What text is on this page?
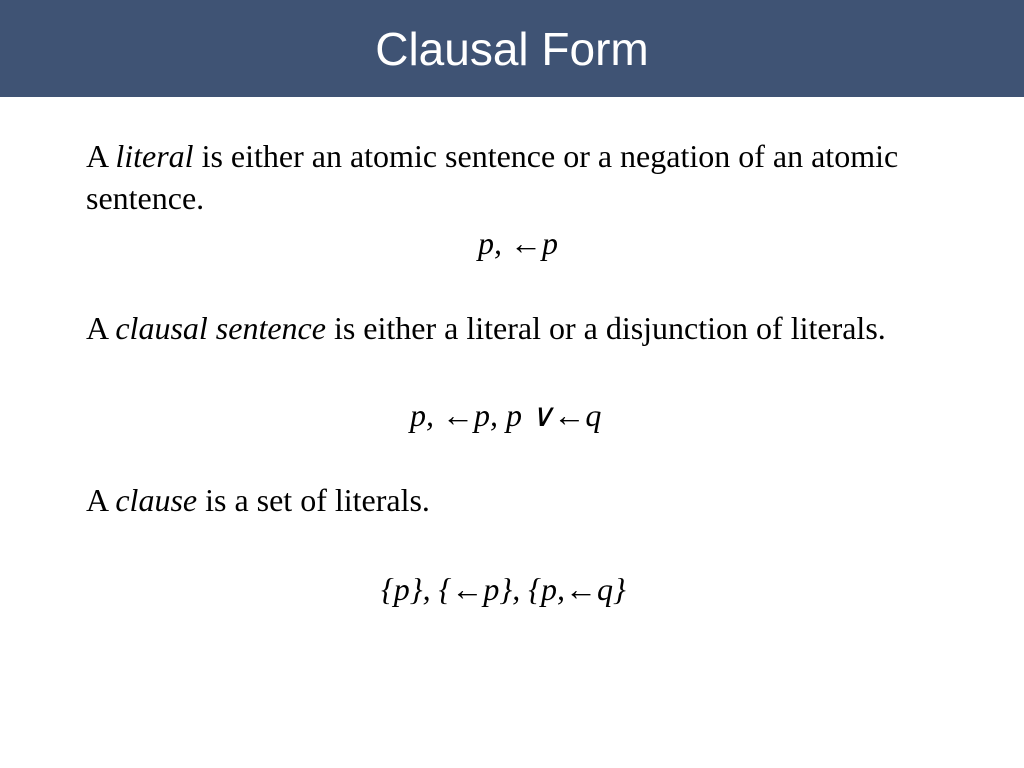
Clausal Form
A literal is either an atomic sentence or a negation of an atomic sentence.
p, ←p
A clausal sentence is either a literal or a disjunction of literals.
p, ←p, p ∨←q
A clause is a set of literals.
{p}, {←p}, {p,←q}
